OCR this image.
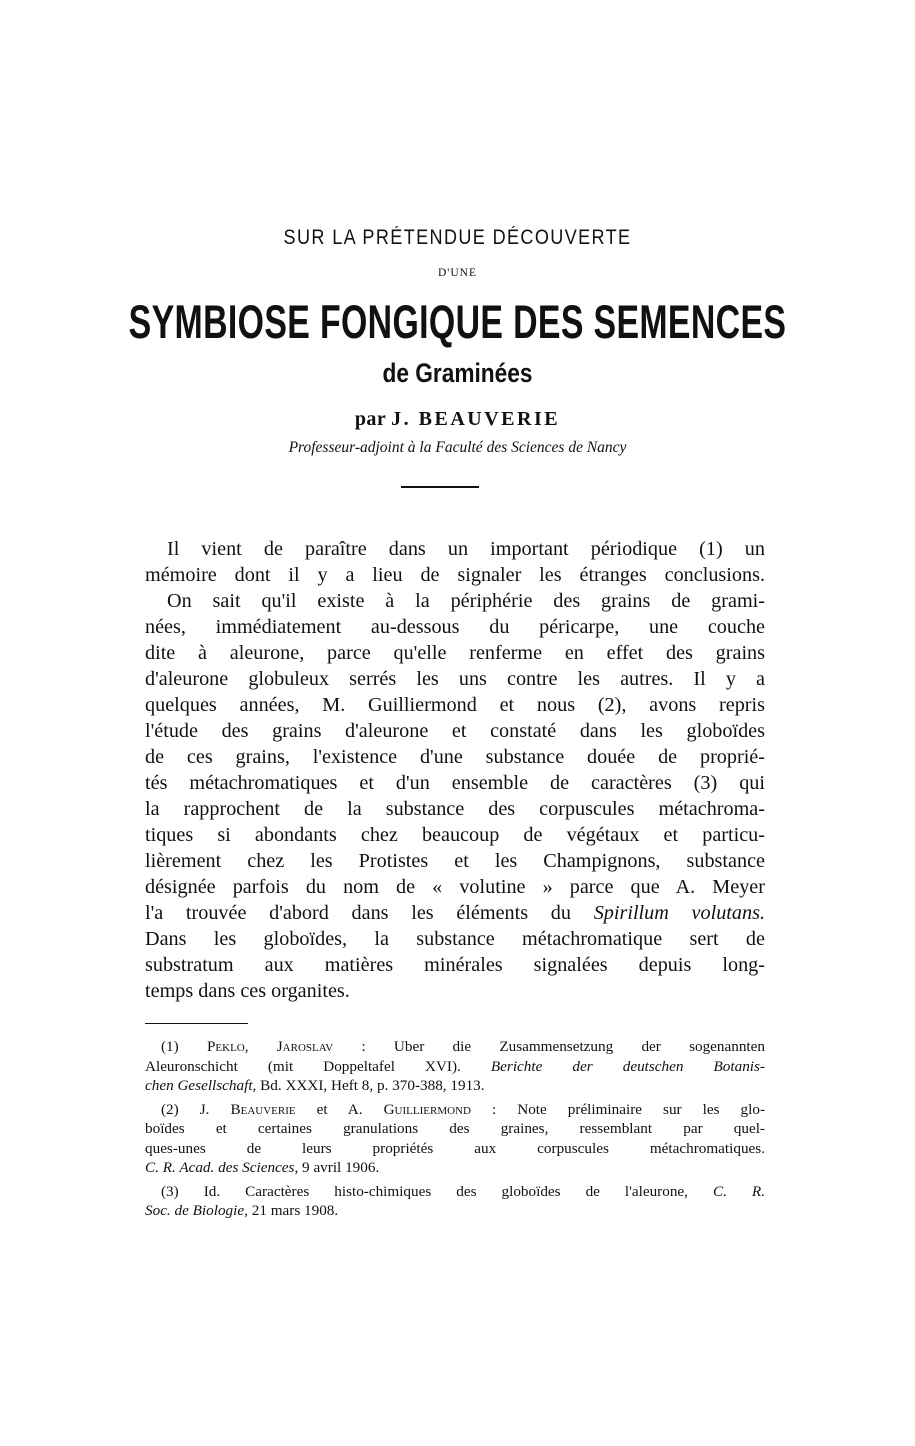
SUR LA PRÉTENDUE DÉCOUVERTE
D'UNE
SYMBIOSE FONGIQUE DES SEMENCES
de Graminées
par J. BEAUVERIE
Professeur-adjoint à la Faculté des Sciences de Nancy
Il vient de paraître dans un important périodique (1) un
mémoire dont il y a lieu de signaler les étranges conclusions.
On sait qu'il existe à la périphérie des grains de grami-
nées, immédiatement au-dessous du péricarpe, une couche
dite à aleurone, parce qu'elle renferme en effet des grains
d'aleurone globuleux serrés les uns contre les autres. Il y a
quelques années, M. Guilliermond et nous (2), avons repris
l'étude des grains d'aleurone et constaté dans les globoïdes
de ces grains, l'existence d'une substance douée de proprié-
tés métachromatiques et d'un ensemble de caractères (3) qui
la rapprochent de la substance des corpuscules métachroma-
tiques si abondants chez beaucoup de végétaux et particu-
lièrement chez les Protistes et les Champignons, substance
désignée parfois du nom de « volutine » parce que A. Meyer
l'a trouvée d'abord dans les éléments du Spirillum volutans.
Dans les globoïdes, la substance métachromatique sert de
substratum aux matières minérales signalées depuis long-
temps dans ces organites.
(1) Peklo, Jaroslav : Uber die Zusammensetzung der sogenannten
Aleuronschicht (mit Doppeltafel XVI). Berichte der deutschen Botanis-
chen Gesellschaft, Bd. XXXI, Heft 8, p. 370-388, 1913.
(2) J. Beauverie et A. Guilliermond : Note préliminaire sur les glo-
boïdes et certaines granulations des graines, ressemblant par quel-
ques-unes de leurs propriétés aux corpuscules métachromatiques.
C. R. Acad. des Sciences, 9 avril 1906.
(3) Id. Caractères histo-chimiques des globoïdes de l'aleurone, C. R.
Soc. de Biologie, 21 mars 1908.
